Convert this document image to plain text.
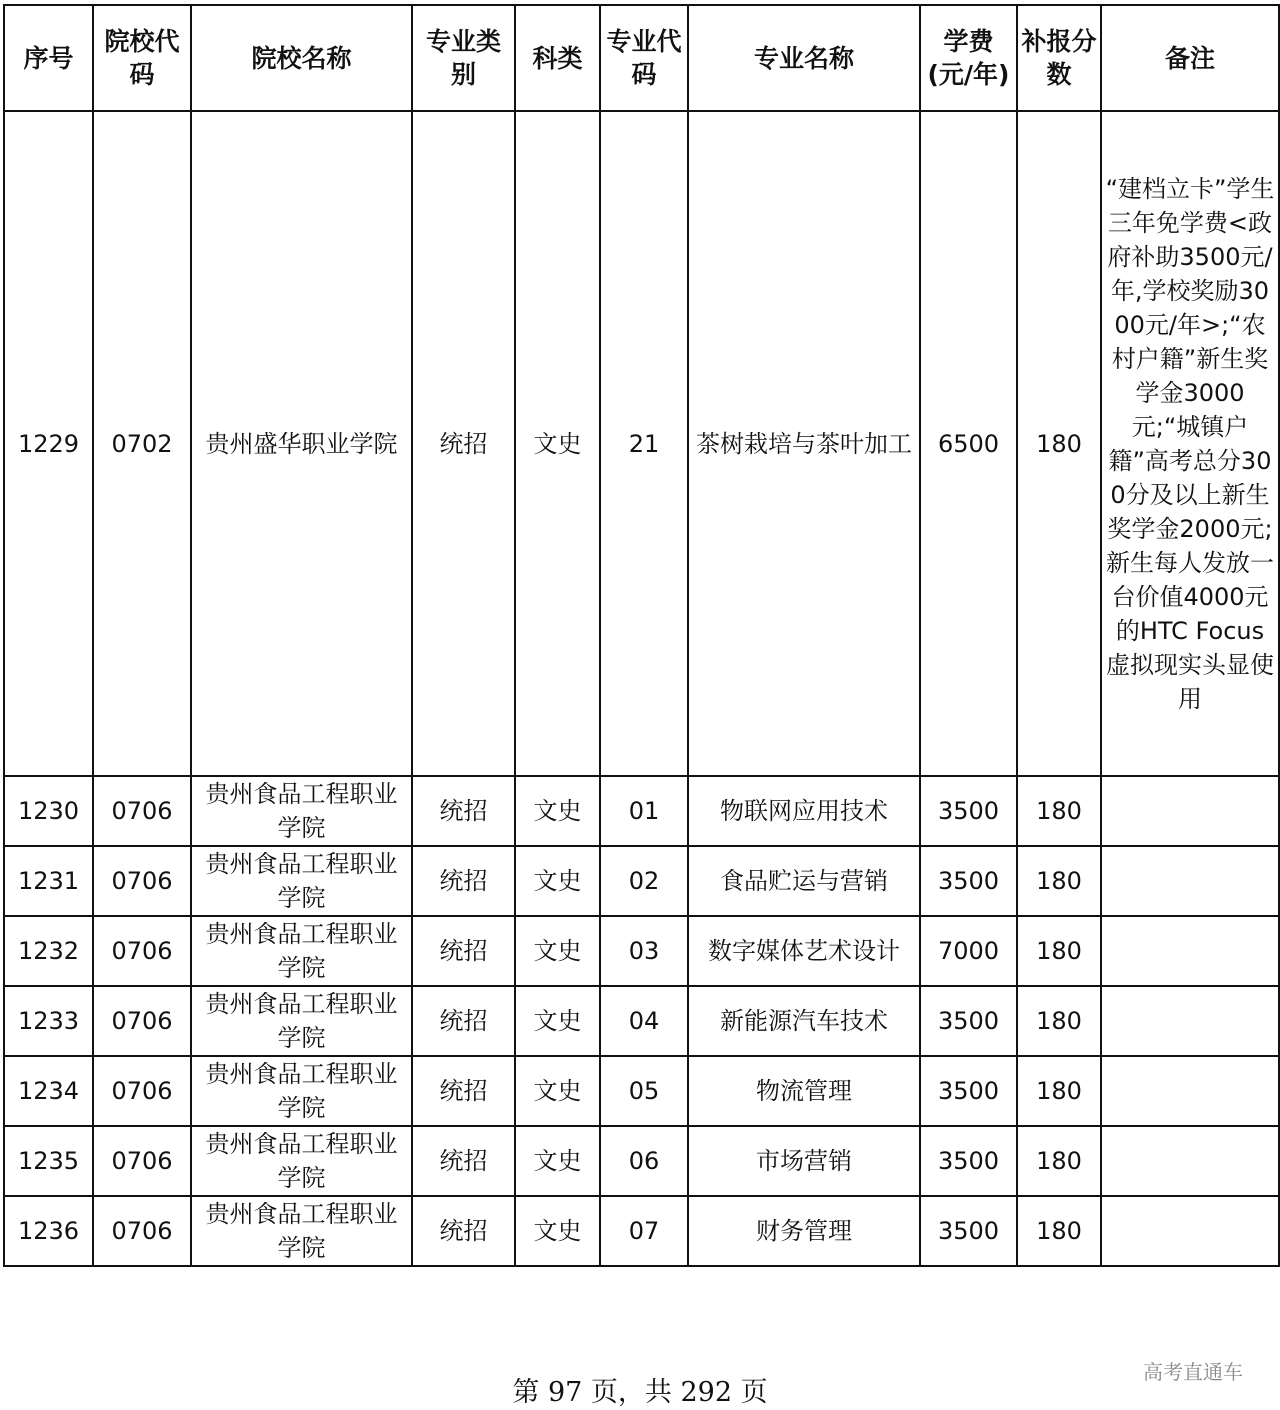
序号	院校代码	院校名称	专业类别	科类	专业代码	专业名称	学费(元/年)	补报分数	备注
1229	0702	贵州盛华职业学院	统招	文史	21	茶树栽培与茶叶加工	6500	180	“建档立卡”学生三年免学费<政府补助3500元/年,学校奖励3000元/年>;“农村户籍”新生奖学金3000元;“城镇户籍”高考总分300分及以上新生奖学金2000元;新生每人发放一台价值4000元的HTC Focus虚拟现实头显使用
1230	0706	贵州食品工程职业学院	统招	文史	01	物联网应用技术	3500	180	
1231	0706	贵州食品工程职业学院	统招	文史	02	食品贮运与营销	3500	180	
1232	0706	贵州食品工程职业学院	统招	文史	03	数字媒体艺术设计	7000	180	
1233	0706	贵州食品工程职业学院	统招	文史	04	新能源汽车技术	3500	180	
1234	0706	贵州食品工程职业学院	统招	文史	05	物流管理	3500	180	
1235	0706	贵州食品工程职业学院	统招	文史	06	市场营销	3500	180	
1236	0706	贵州食品工程职业学院	统招	文史	07	财务管理	3500	180	
第 97 页，共 292 页
高考直通车
